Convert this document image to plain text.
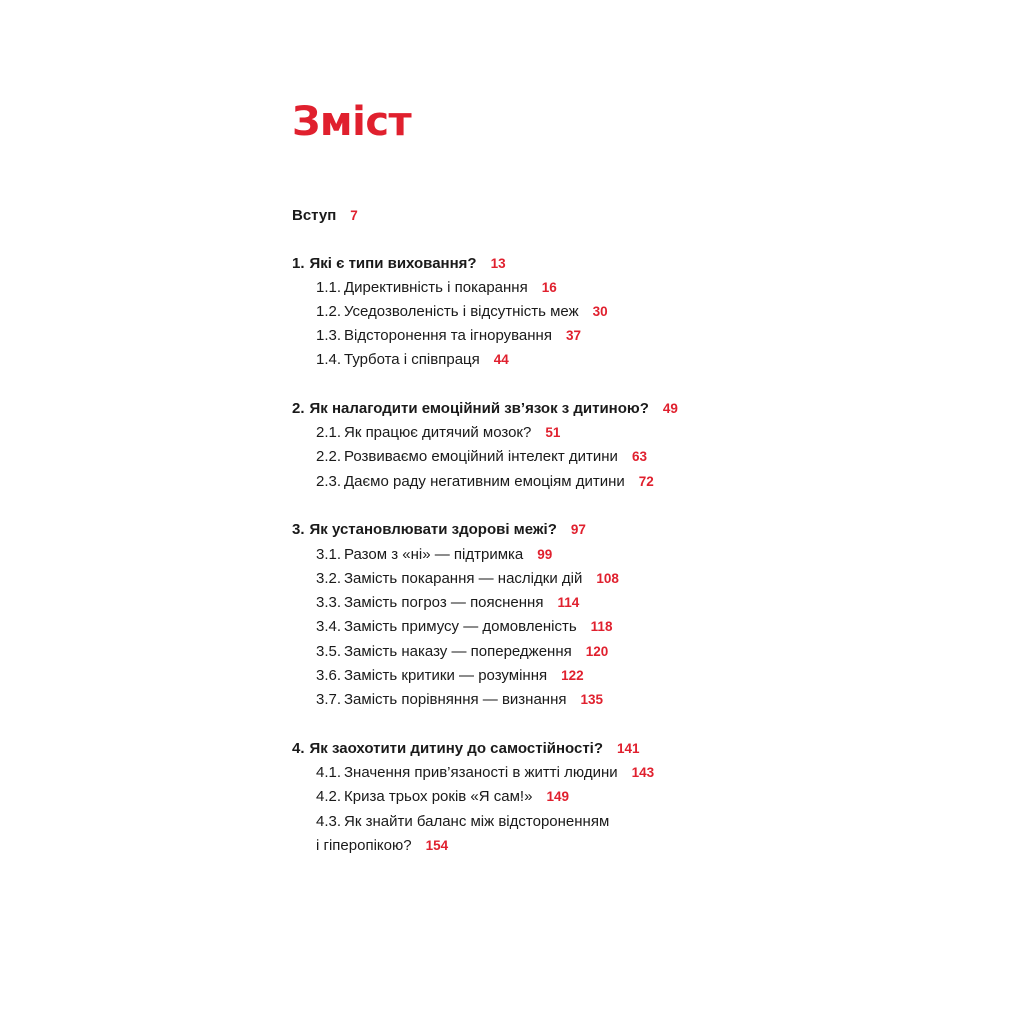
Зміст
Вступ 7
1. Які є типи виховання? 13
1.1. Директивність і покарання 16
1.2. Уседозволеність і відсутність меж 30
1.3. Відсторонення та ігнорування 37
1.4. Турбота і співпраця 44
2. Як налагодити емоційний зв’язок з дитиною? 49
2.1. Як працює дитячий мозок? 51
2.2. Розвиваємо емоційний інтелект дитини 63
2.3. Даємо раду негативним емоціям дитини 72
3. Як установлювати здорові межі? 97
3.1. Разом з «ні» — підтримка 99
3.2. Замість покарання — наслідки дій 108
3.3. Замість погроз — пояснення 114
3.4. Замість примусу — домовленість 118
3.5. Замість наказу — попередження 120
3.6. Замість критики — розуміння 122
3.7. Замість порівняння — визнання 135
4. Як заохотити дитину до самостійності? 141
4.1. Значення прив’язаності в житті людини 143
4.2. Криза трьох років «Я сам!» 149
4.3. Як знайти баланс між відстороненням
і гіперопікою? 154
